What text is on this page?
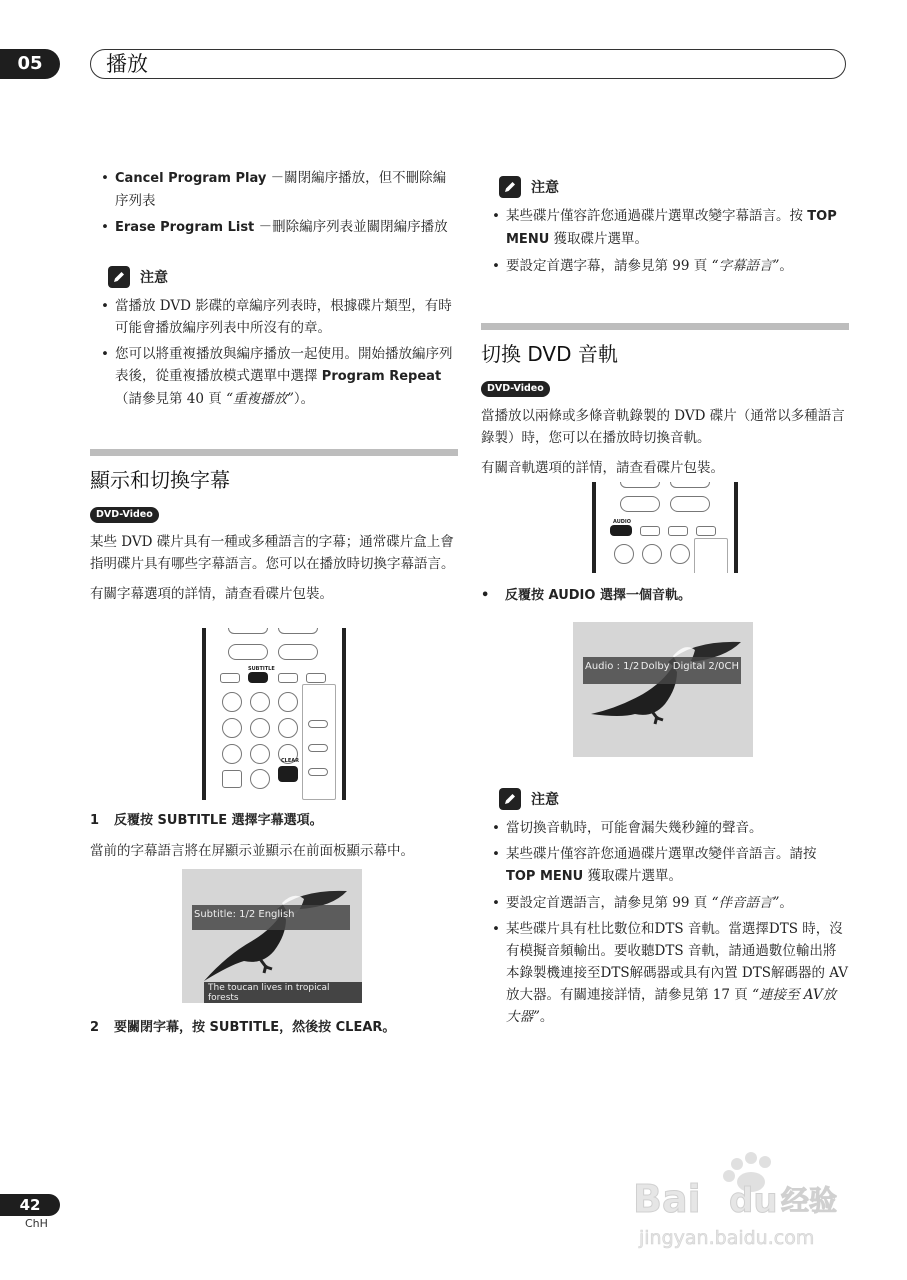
05	播放
• Cancel Program Play －關閉編序播放，但不刪除編序列表
• Erase Program List －刪除編序列表並關閉編序播放
注意
• 當播放 DVD 影碟的章編序列表時，根據碟片類型，有時可能會播放編序列表中所沒有的章。
• 您可以將重複播放與編序播放一起使用。開始播放編序列表後，從重複播放模式選單中選擇 Program Repeat（請參見第 40 頁 “重複播放”）。
顯示和切換字幕
DVD-Video

某些 DVD 碟片具有一種或多種語言的字幕；通常碟片盒上會指明碟片具有哪些字幕語言。您可以在播放時切換字幕語言。

有關字幕選項的詳情，請查看碟片包裝。

SUBTITLE
CLEAR

1 反覆按 SUBTITLE 選擇字幕選項。

當前的字幕語言將在屏顯示並顯示在前面板顯示幕中。

Subtitle: 1/2 English
The toucan lives in tropical forests

2 要關閉字幕，按 SUBTITLE，然後按 CLEAR。

注意
• 某些碟片僅容許您通過碟片選單改變字幕語言。按 TOP MENU 獲取碟片選單。
• 要設定首選字幕，請參見第 99 頁 “字幕語言”。
切換 DVD 音軌
DVD-Video

當播放以兩條或多條音軌錄製的 DVD 碟片（通常以多種語言錄製）時，您可以在播放時切換音軌。

有關音軌選項的詳情，請查看碟片包裝。

AUDIO

• 反覆按 AUDIO 選擇一個音軌。

Audio : 1/2 Dolby Digital 2/0CH
注意
• 當切換音軌時，可能會漏失幾秒鐘的聲音。
• 某些碟片僅容許您通過碟片選單改變伴音語言。請按 TOP MENU 獲取碟片選單。
• 要設定首選語言，請參見第 99 頁 “伴音語言”。
• 某些碟片具有杜比數位和DTS 音軌。當選擇DTS 時，沒有模擬音頻輸出。要收聽DTS 音軌，請通過數位輸出將本錄製機連接至DTS解碼器或具有內置 DTS解碼器的 AV 放大器。有關連接詳情，請參見第 17 頁 “連接至 AV放大器”。
42
ChH
Bai du 经验
jingyan.baidu.com
